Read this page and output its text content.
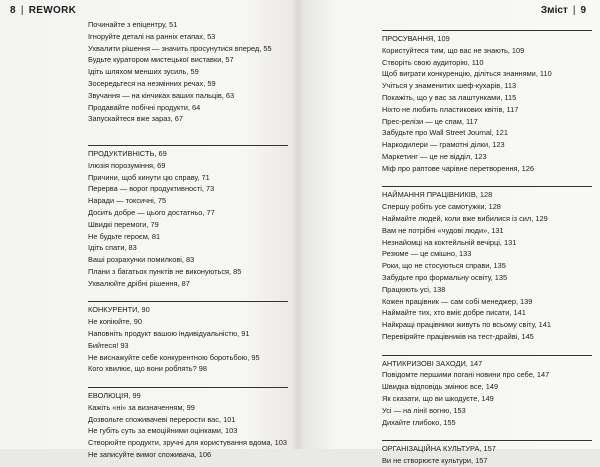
8 | REWORK
Починайте з епіцентру, 51
Ігноруйте деталі на ранніх етапах, 53
Ухвалити рішення — значить просунутися вперед, 55
Будьте куратором мистецької виставки, 57
Ідіть шляхом менших зусиль, 59
Зосередьтеся на незмінних речах, 59
Звучання — на кінчиках ваших пальців, 63
Продавайте побічні продукти, 64
Запускайтеся вже зараз, 67
ПРОДУКТИВНІСТЬ, 69
Ілюзія порозуміння, 69
Причини, щоб кинути цю справу, 71
Перерва — ворог продуктивності, 73
Наради — токсичні, 75
Досить добре — цього достатньо, 77
Швидкі перемоги, 79
Не будьте героєм, 81
Ідіть спати, 83
Ваші розрахунки помилкові, 83
Плани з багатьох пунктів не виконуються, 85
Ухвалюйте дрібні рішення, 87
КОНКУРЕНТИ, 90
Не копіюйте, 90
Наповніть продукт вашою індивідуальністю, 91
Бийтеся! 93
Не виснажуйте себе конкурентною боротьбою, 95
Кого хвилює, що вони роблять? 98
ЕВОЛЮЦІЯ, 99
Кажіть «ні» за визначенням, 99
Дозвольте споживачеві перерости вас, 101
Не губіть суть за емоційними оцінками, 103
Створюйте продукти, зручні для користування вдома, 103
Не записуйте вимог споживача, 106
Зміст | 9
ПРОСУВАННЯ, 109
Користуйтеся тим, що вас не знають, 109
Створіть свою аудиторію, 110
Щоб виграти конкуренцію, діліться знаннями, 110
Учіться у знаменитих шеф-кухарів, 113
Покажіть, що у вас за лаштунками, 115
Ніхто не любить пластикових квітів, 117
Прес-релізи — це спам, 117
Забудьте про Wall Street Journal, 121
Наркодилери — грамотні ділки, 123
Маркетинг — це не відділ, 123
Міф про раптове чарівне перетворення, 126
НАЙМАННЯ ПРАЦІВНИКІВ, 128
Спершу робіть усе самотужки, 128
Наймайте людей, коли вже вибилися із сил, 129
Вам не потрібні «чудові люди», 131
Незнайомці на коктейльній вечірці, 131
Резюме — це смішно, 133
Роки, що не стосуються справи, 135
Забудьте про формальну освіту, 135
Працюють усі, 138
Кожен працівник — сам собі менеджер, 139
Наймайте тих, хто вміє добре писати, 141
Найкращі працівники живуть по всьому світу, 141
Перевіряйте працівників на тест-драйві, 145
АНТИКРИЗОВІ ЗАХОДИ, 147
Повідомте першими погані новини про себе, 147
Швидка відповідь змінює все, 149
Як сказати, що ви шкодуєте, 149
Усі — на лінії вогню, 153
Дихайте глибоко, 155
ОРГАНІЗАЦІЙНА КУЛЬТУРА, 157
Ви не створюєте культури, 157
